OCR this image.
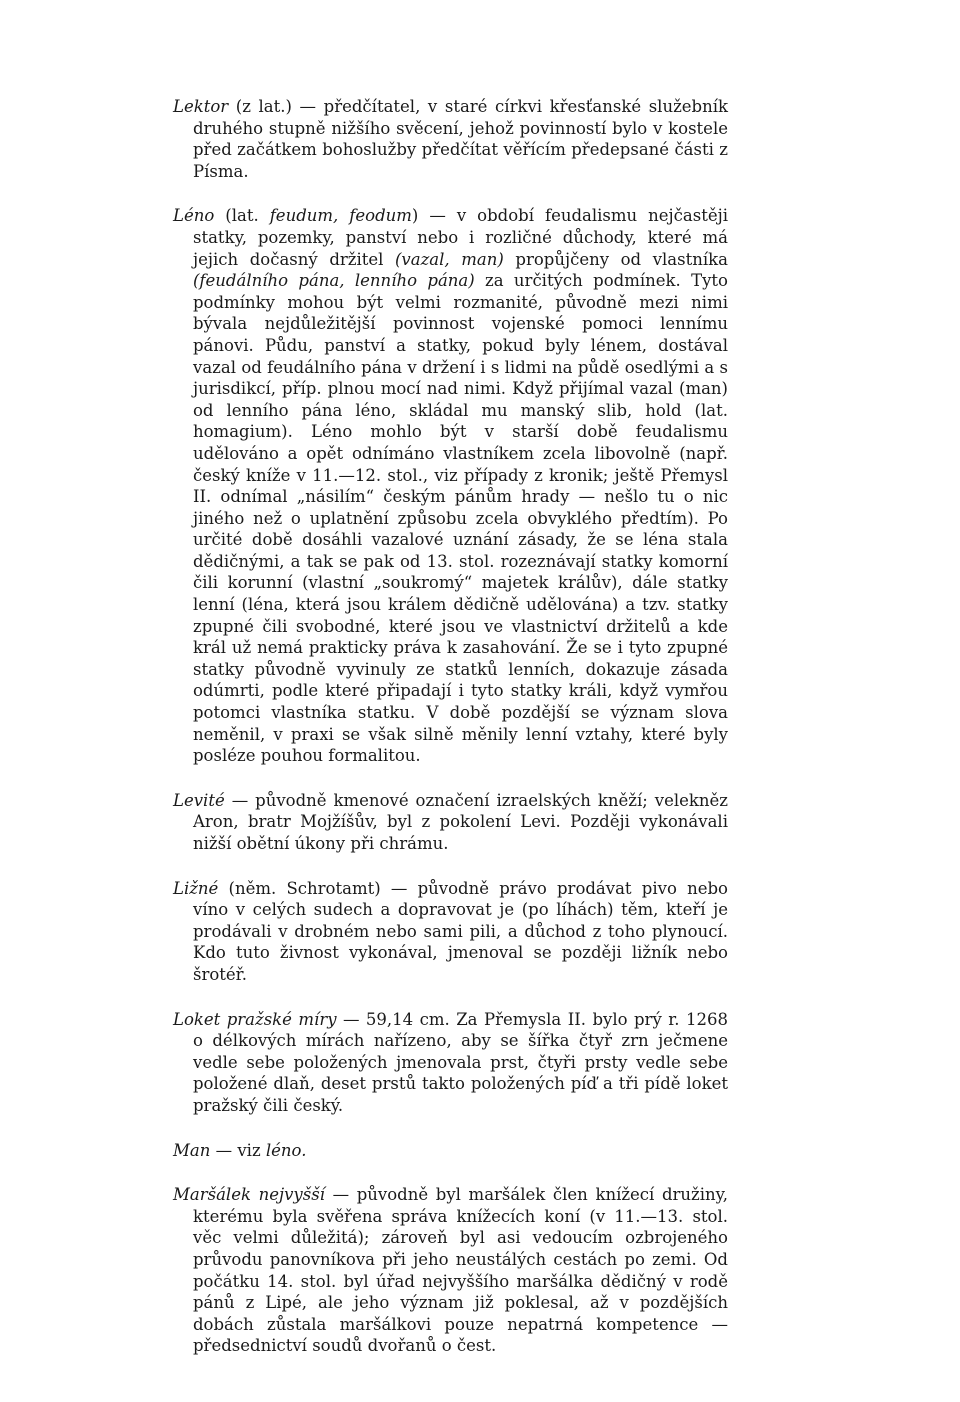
Lektor (z lat.) — předčítatel, v staré církvi křesťanské služebník druhého stupně nižšího svěcení, jehož povinností bylo v kostele před začátkem bohoslužby předčítat věřícím předepsané části z Písma.

Léno (lat. feudum, feodum) — v období feudalismu nejčastěji statky, pozemky, panství nebo i rozličné důchody, které má jejich dočasný držitel (vazal, man) propůjčeny od vlastníka (feudálního pána, lenního pána) za určitých podmínek. Tyto podmínky mohou být velmi rozmanité, původně mezi nimi bývala nejdůležitější povinnost vojenské pomoci lennímu pánovi. Půdu, panství a statky, pokud byly lénem, dostával vazal od feudálního pána v držení i s lidmi na půdě osedlými a s jurisdikcí, příp. plnou mocí nad nimi. Když přijímal vazal (man) od lenního pána léno, skládal mu manský slib, hold (lat. homagium). Léno mohlo být v starší době feudalismu udělováno a opět odnímáno vlastníkem zcela libovolně (např. český kníže v 11.—12. stol., viz případy z kronik; ještě Přemysl II. odnímal „násilím“ českým pánům hrady — nešlo tu o nic jiného než o uplatnění způsobu zcela obvyklého předtím). Po určité době dosáhli vazalové uznání zásady, že se léna stala dědičnými, a tak se pak od 13. stol. rozeznávají statky komorní čili korunní (vlastní „soukromý“ majetek králův), dále statky lenní (léna, která jsou králem dědičně udělována) a tzv. statky zpupné čili svobodné, které jsou ve vlastnictví držitelů a kde král už nemá prakticky práva k zasahování. Že se i tyto zpupné statky původně vyvinuly ze statků lenních, dokazuje zásada odúmrti, podle které připadají i tyto statky králi, když vymřou potomci vlastníka statku. V době pozdější se význam slova neměnil, v praxi se však silně měnily lenní vztahy, které byly posléze pouhou formalitou.

Levité — původně kmenové označení izraelských kněží; velekněz Aron, bratr Mojžíšův, byl z pokolení Levi. Později vykonávali nižší obětní úkony při chrámu.

Ližné (něm. Schrotamt) — původně právo prodávat pivo nebo víno v celých sudech a dopravovat je (po líhách) těm, kteří je prodávali v drobném nebo sami pili, a důchod z toho plynoucí. Kdo tuto živnost vykonával, jmenoval se později ližník nebo šrotéř.

Loket pražské míry — 59,14 cm. Za Přemysla II. bylo prý r. 1268 o délkových mírách nařízeno, aby se šířka čtyř zrn ječmene vedle sebe položených jmenovala prst, čtyři prsty vedle sebe položené dlaň, deset prstů takto položených píď a tři pídě loket pražský čili český.

Man — viz léno.

Maršálek nejvyšší — původně byl maršálek člen knížecí družiny, kterému byla svěřena správa knížecích koní (v 11.—13. stol. věc velmi důležitá); zároveň byl asi vedoucím ozbrojeného průvodu panovníkova při jeho neustálých cestách po zemi. Od počátku 14. stol. byl úřad nejvyššího maršálka dědičný v rodě pánů z Lipé, ale jeho význam již poklesal, až v pozdějších dobách zůstala maršálkovi pouze nepatrná kompetence — předsednictví soudů dvořanů o čest.
